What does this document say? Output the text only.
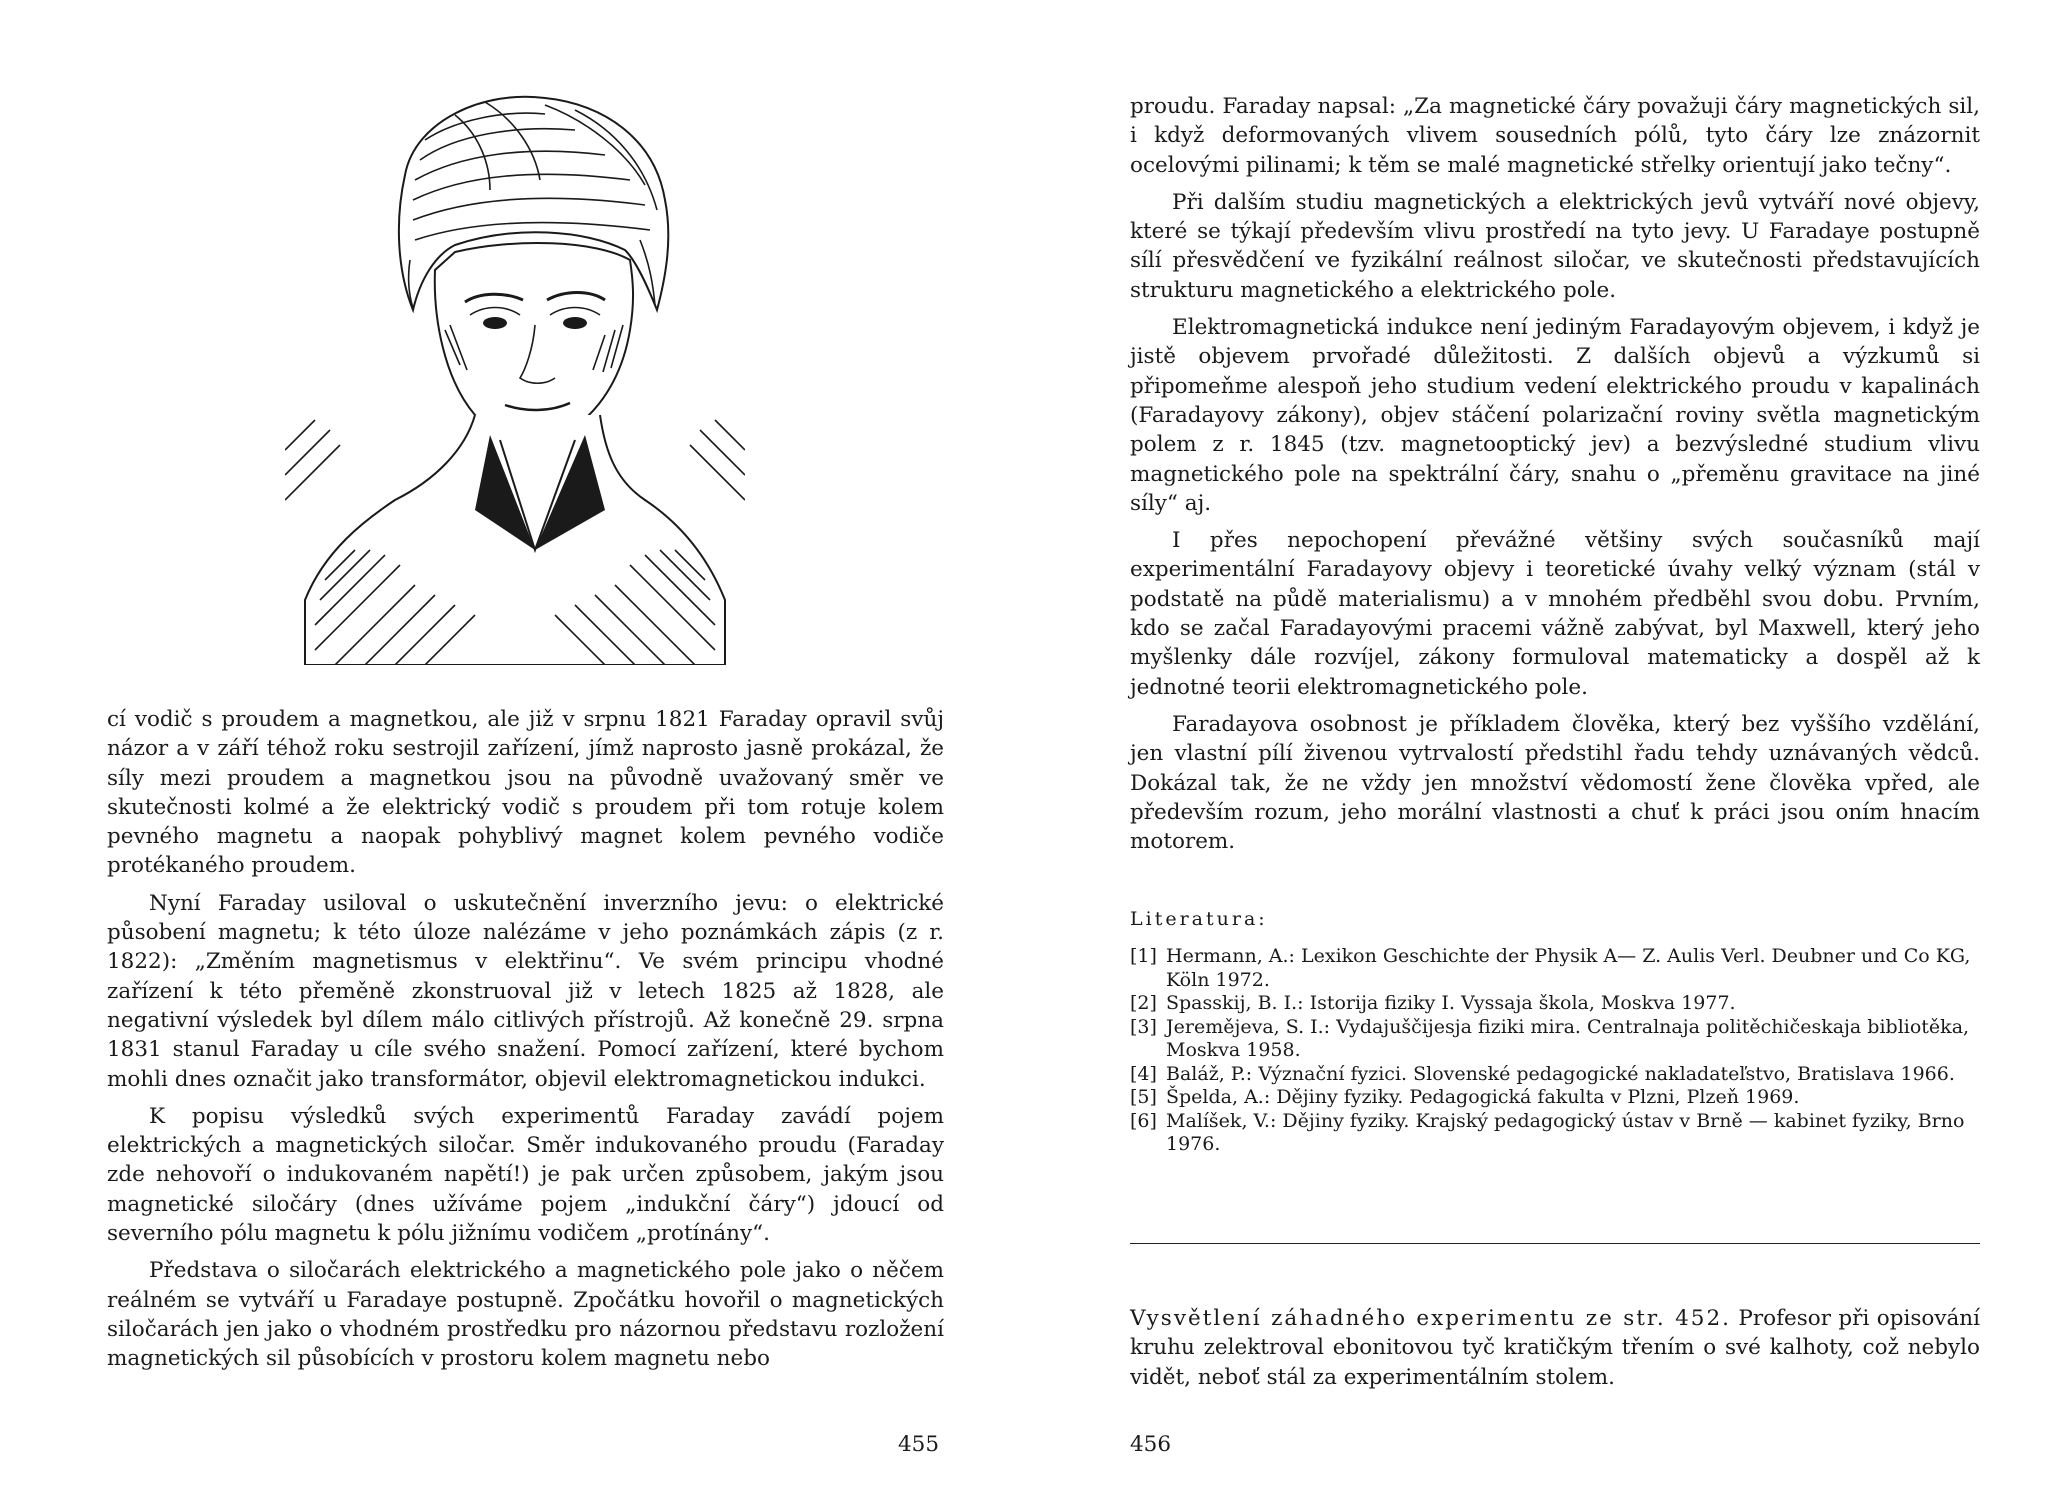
cí vodič s proudem a magnetkou, ale již v srpnu 1821 Faraday opravil svůj názor a v září téhož roku sestrojil zařízení, jímž naprosto jasně prokázal, že síly mezi proudem a magnetkou jsou na původně uvažovaný směr ve skutečnosti kolmé a že elektrický vodič s proudem při tom rotuje kolem pevného magnetu a naopak pohyblivý magnet kolem pevného vodiče protékaného proudem.

Nyní Faraday usiloval o uskutečnění inverzního jevu: o elektrické působení magnetu; k této úloze nalézáme v jeho poznámkách zápis (z r. 1822): „Změním magnetismus v elektřinu“. Ve svém principu vhodné zařízení k této přeměně zkonstruoval již v letech 1825 až 1828, ale negativní výsledek byl dílem málo citlivých přístrojů. Až konečně 29. srpna 1831 stanul Faraday u cíle svého snažení. Pomocí zařízení, které bychom mohli dnes označit jako transformátor, objevil elektromagnetickou indukci.

K popisu výsledků svých experimentů Faraday zavádí pojem elektrických a magnetických siločar. Směr indukovaného proudu (Faraday zde nehovoří o indukovaném napětí!) je pak určen způsobem, jakým jsou magnetické siločáry (dnes užíváme pojem „indukční čáry“) jdoucí od severního pólu magnetu k pólu jižnímu vodičem „protínány“.

Představa o siločarách elektrického a magnetického pole jako o něčem reálném se vytváří u Faradaye postupně. Zpočátku hovořil o magnetických siločarách jen jako o vhodném prostředku pro názornou představu rozložení magnetických sil působících v prostoru kolem magnetu nebo

455

proudu. Faraday napsal: „Za magnetické čáry považuji čáry magnetických sil, i když deformovaných vlivem sousedních pólů, tyto čáry lze znázornit ocelovými pilinami; k těm se malé magnetické střelky orientují jako tečny“.

Při dalším studiu magnetických a elektrických jevů vytváří nové objevy, které se týkají především vlivu prostředí na tyto jevy. U Faradaye postupně sílí přesvědčení ve fyzikální reálnost siločar, ve skutečnosti představujících strukturu magnetického a elektrického pole.

Elektromagnetická indukce není jediným Faradayovým objevem, i když je jistě objevem prvořadé důležitosti. Z dalších objevů a výzkumů si připomeňme alespoň jeho studium vedení elektrického proudu v kapalinách (Faradayovy zákony), objev stáčení polarizační roviny světla magnetickým polem z r. 1845 (tzv. magnetooptický jev) a bezvýsledné studium vlivu magnetického pole na spektrální čáry, snahu o „přeměnu gravitace na jiné síly“ aj.

I přes nepochopení převážné většiny svých současníků mají experimentální Faradayovy objevy i teoretické úvahy velký význam (stál v podstatě na půdě materialismu) a v mnohém předběhl svou dobu. Prvním, kdo se začal Faradayovými pracemi vážně zabývat, byl Maxwell, který jeho myšlenky dále rozvíjel, zákony formuloval matematicky a dospěl až k jednotné teorii elektromagnetického pole.

Faradayova osobnost je příkladem člověka, který bez vyššího vzdělání, jen vlastní pílí živenou vytrvalostí předstihl řadu tehdy uznávaných vědců. Dokázal tak, že ne vždy jen množství vědomostí žene člověka vpřed, ale především rozum, jeho morální vlastnosti a chuť k práci jsou oním hnacím motorem.

Literatura:
[1] Hermann, A.: Lexikon Geschichte der Physik A— Z. Aulis Verl. Deubner und Co KG, Köln 1972.
[2] Spasskij, B. I.: Istorija fiziky I. Vyssaja škola, Moskva 1977.
[3] Jeremějeva, S. I.: Vydajuščijesja fiziki mira. Centralnaja politěchičeskaja bibliotěka, Moskva 1958.
[4] Baláž, P.: Význační fyzici. Slovenské pedagogické nakladateľstvo, Bratislava 1966.
[5] Špelda, A.: Dějiny fyziky. Pedagogická fakulta v Plzni, Plzeň 1969.
[6] Malíšek, V.: Dějiny fyziky. Krajský pedagogický ústav v Brně — kabinet fyziky, Brno 1976.
Vysvětlení záhadného experimentu ze str. 452. Profesor při opisování kruhu zelektroval ebonitovou tyč kratičkým třením o své kalhoty, což nebylo vidět, neboť stál za experimentálním stolem.
456
